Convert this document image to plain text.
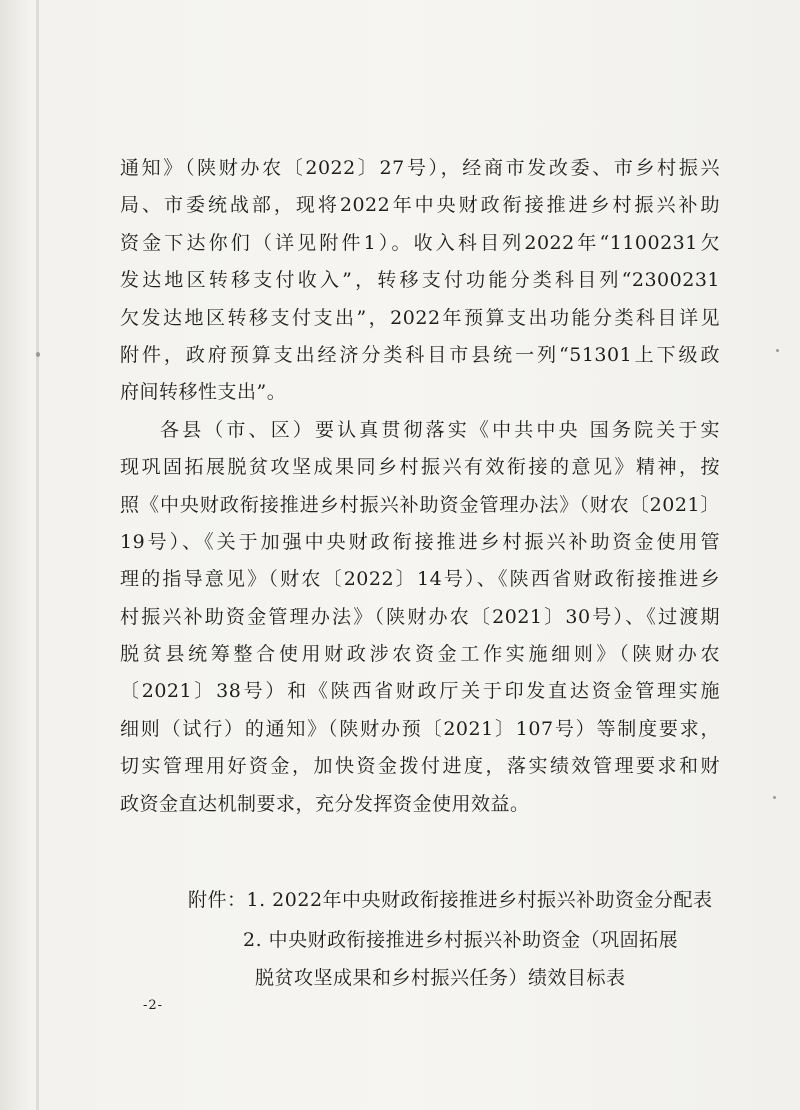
通知》（陕财办农〔2022〕27号），经商市发改委、市乡村振兴
局、市委统战部，现将2022年中央财政衔接推进乡村振兴补助
资金下达你们（详见附件1）。收入科目列2022年“1100231欠
发达地区转移支付收入”，转移支付功能分类科目列“2300231
欠发达地区转移支付支出”，2022年预算支出功能分类科目详见
附件，政府预算支出经济分类科目市县统一列“51301上下级政
府间转移性支出”。
各县（市、区）要认真贯彻落实《中共中央 国务院关于实
现巩固拓展脱贫攻坚成果同乡村振兴有效衔接的意见》精神，按
照《中央财政衔接推进乡村振兴补助资金管理办法》（财农〔2021〕
19号）、《关于加强中央财政衔接推进乡村振兴补助资金使用管
理的指导意见》（财农〔2022〕14号）、《陕西省财政衔接推进乡
村振兴补助资金管理办法》（陕财办农〔2021〕30号）、《过渡期
脱贫县统筹整合使用财政涉农资金工作实施细则》（陕财办农
〔2021〕38号）和《陕西省财政厅关于印发直达资金管理实施
细则（试行）的通知》（陕财办预〔2021〕107号）等制度要求，
切实管理用好资金，加快资金拨付进度，落实绩效管理要求和财
政资金直达机制要求，充分发挥资金使用效益。
附件：1. 2022年中央财政衔接推进乡村振兴补助资金分配表
2. 中央财政衔接推进乡村振兴补助资金（巩固拓展
脱贫攻坚成果和乡村振兴任务）绩效目标表
-2-
